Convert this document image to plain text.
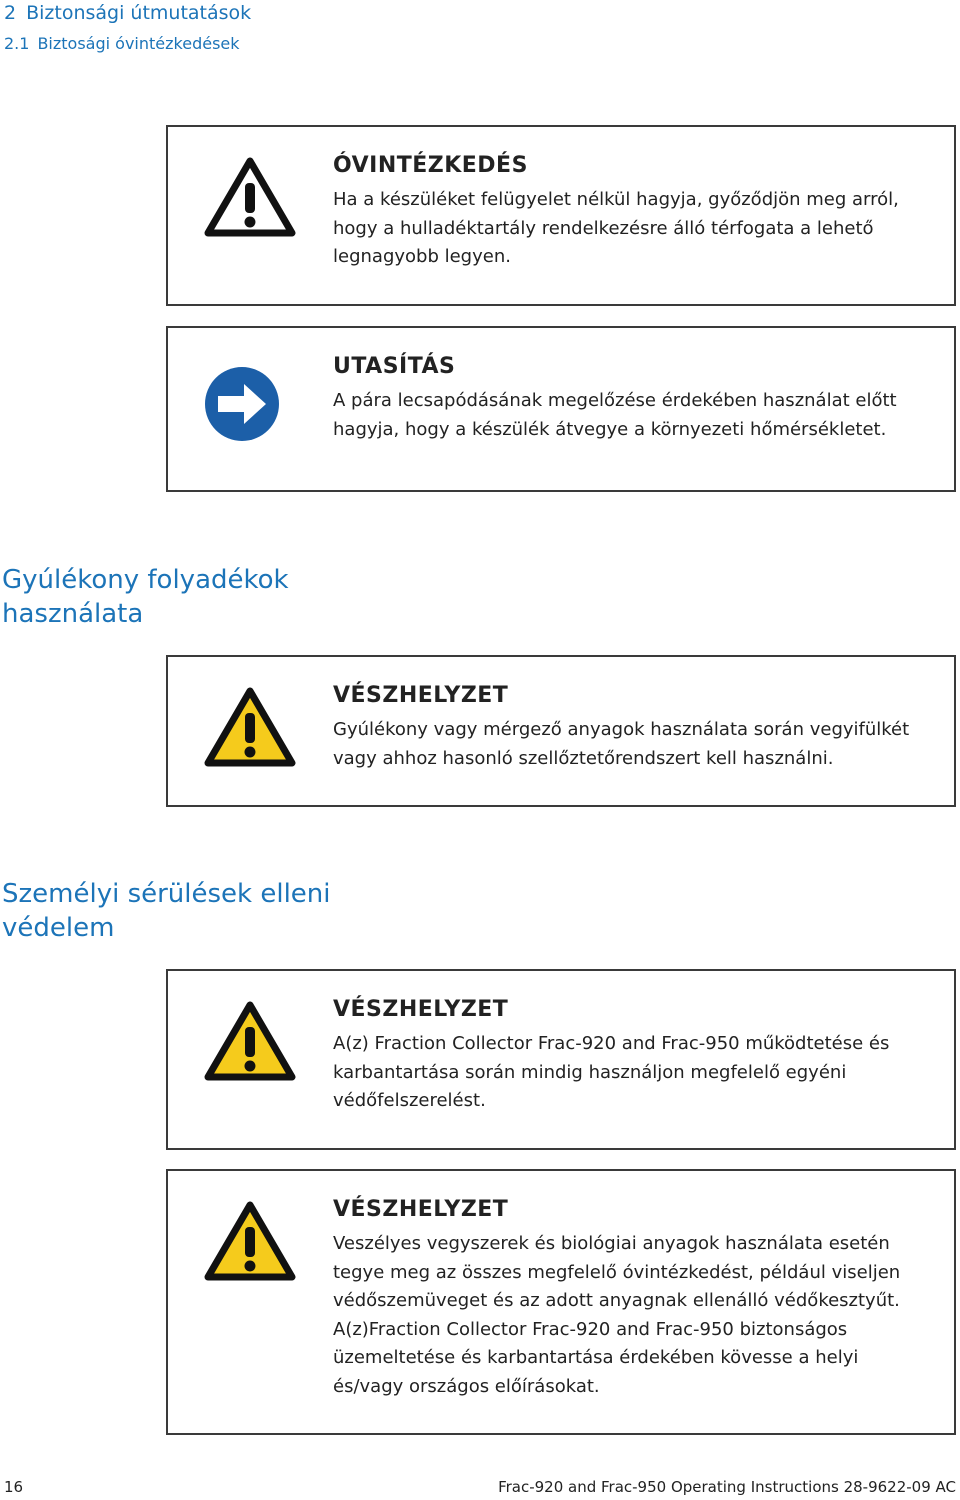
2 Biztonsági útmutatások
2.1 Biztosági óvintézkedések
ÓVINTÉZKEDÉS
Ha a készüléket felügyelet nélkül hagyja, győződjön meg arról, hogy a hulladéktartály rendelkezésre álló térfogata a lehető legnagyobb legyen.
UTASÍTÁS
A pára lecsapódásának megelőzése érdekében használat előtt hagyja, hogy a készülék átvegye a környezeti hőmérsékletet.
Gyúlékony folyadékok használata
VÉSZHELYZET
Gyúlékony vagy mérgező anyagok használata során vegyifülkét vagy ahhoz hasonló szellőztetőrendszert kell használni.
Személyi sérülések elleni védelem
VÉSZHELYZET
A(z) Fraction Collector Frac-920 and Frac-950 működtetése és karbantartása során mindig használjon megfelelő egyéni védőfelszerelést.
VÉSZHELYZET
Veszélyes vegyszerek és biológiai anyagok használata esetén tegye meg az összes megfelelő óvintézkedést, például viseljen védőszemüveget és az adott anyagnak ellenálló védőkesztyűt. A(z)Fraction Collector Frac-920 and Frac-950 biztonságos üzemeltetése és karbantartása érdekében kövesse a helyi és/vagy országos előírásokat.
16	Frac-920 and Frac-950 Operating Instructions 28-9622-09 AC
